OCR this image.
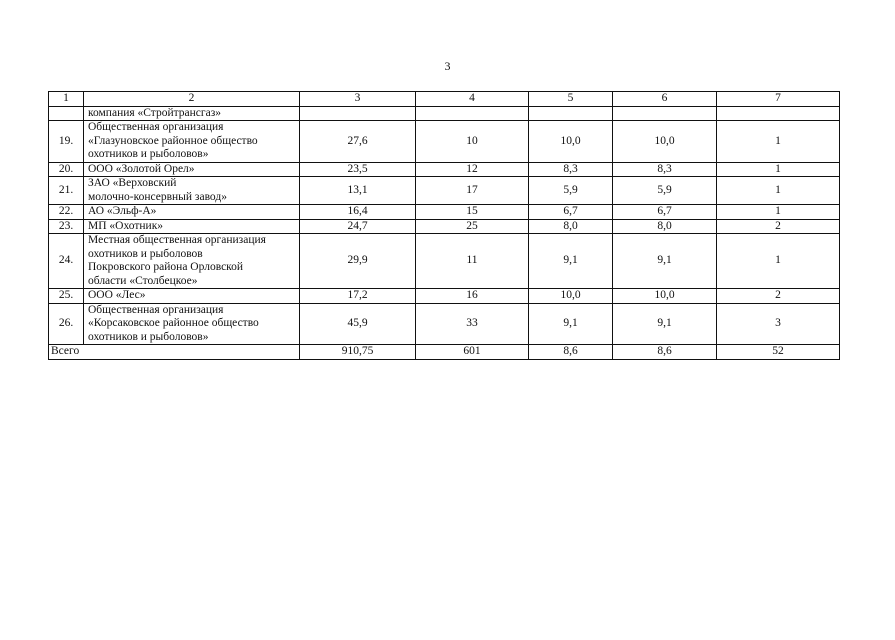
3
1	2	3	4	5	6	7

	компания «Стройтрансгаз»					

19.	Общественная организация
«Глазуновское районное общество
охотников и рыболовов»	27,6	10	10,0	10,0	1
20.	ООО «Золотой Орел»	23,5	12	8,3	8,3	1
21.	ЗАО «Верховский
молочно-консервный завод»	13,1	17	5,9	5,9	1
22.	АО «Эльф-А»	16,4	15	6,7	6,7	1
23.	МП «Охотник»	24,7	25	8,0	8,0	2
24.	Местная общественная организация
охотников и рыболовов
Покровского района Орловской
области «Столбецкое»	29,9	11	9,1	9,1	1
25.	ООО «Лес»	17,2	16	10,0	10,0	2
26.	Общественная организация
«Корсаковское районное общество
охотников и рыболовов»	45,9	33	9,1	9,1	3
Всего		910,75	601	8,6	8,6	52
